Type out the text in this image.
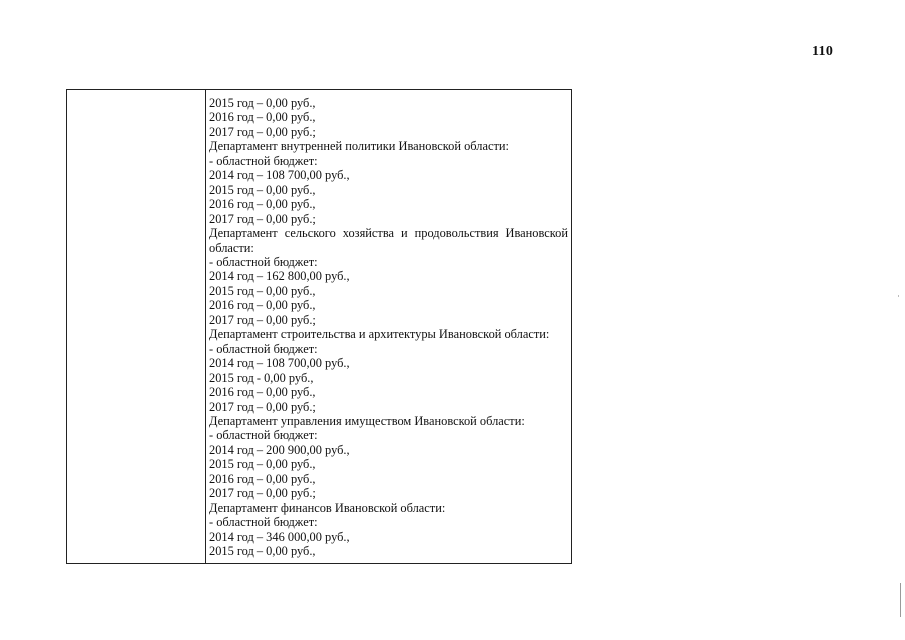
110

2015 год – 0,00 руб.,

2016 год – 0,00 руб.,

2017 год – 0,00 руб.;

Департамент внутренней политики Ивановской области:

- областной бюджет:

2014 год – 108 700,00 руб.,

2015 год – 0,00 руб.,

2016 год – 0,00 руб.,

2017 год – 0,00 руб.;

Департамент сельского хозяйства и продовольствия Ивановской

области:

- областной бюджет:

2014 год – 162 800,00 руб.,

2015 год – 0,00 руб.,

2016 год – 0,00 руб.,

2017 год – 0,00 руб.;

Департамент строительства и архитектуры Ивановской области:

- областной бюджет:

2014 год – 108 700,00 руб.,

2015 год - 0,00 руб.,

2016 год – 0,00 руб.,

2017 год – 0,00 руб.;

Департамент управления имуществом Ивановской области:

- областной бюджет:

2014 год – 200 900,00 руб.,

2015 год – 0,00 руб.,

2016 год – 0,00 руб.,

2017 год – 0,00 руб.;

Департамент финансов Ивановской области:

- областной бюджет:

2014 год – 346 000,00 руб.,

2015 год – 0,00 руб.,
